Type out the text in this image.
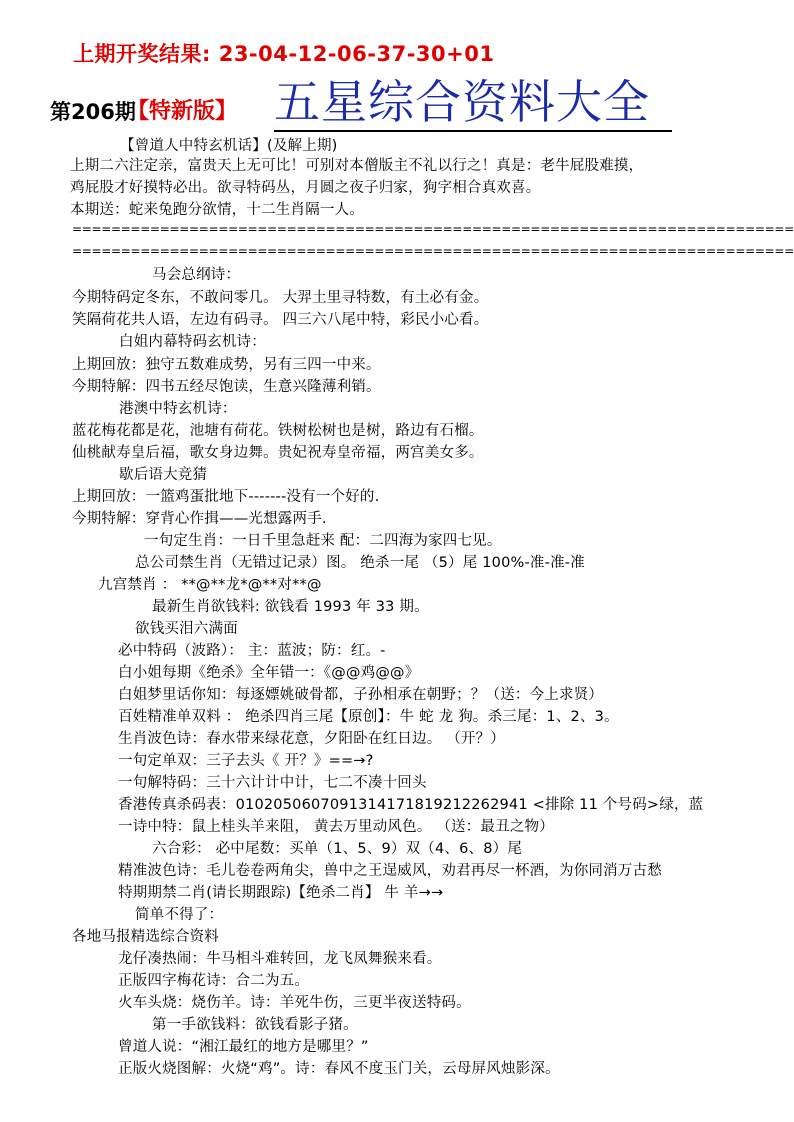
上期开奖结果: 23-04-12-06-37-30+01
第206期
【特新版】 五星综合资料大全
==========================================================================
==========================================================================
【曾道人中特玄机话】(及解上期)
上期二六注定亲，富贵天上无可比！可别对本僧版主不礼以行之！真是：老牛屁股难摸，
鸡屁股才好摸特必出。欲寻特码丛，月圆之夜子归家，狗字相合真欢喜。
本期送：蛇来兔跑分欲情，十二生肖隔一人。
马会总纲诗：
今期特码定冬东，不敢问零几。 大羿土里寻特数，有土必有金。
笑隔荷花共人语，左边有码寻。 四三六八尾中特，彩民小心看。
白姐内幕特码玄机诗：
上期回放：独守五数难成势，另有三四一中来。
今期特解：四书五经尽饱读，生意兴隆薄利销。
港澳中特玄机诗：
蓝花梅花都是花，池塘有荷花。铁树松树也是树，路边有石榴。
仙桃献寿皇后福，歌女身边舞。贵妃祝寿皇帝福，两宫美女多。
歇后语大竞猜
上期回放：一篮鸡蛋批地下-------没有一个好的.
今期特解：穿背心作揖——光想露两手.
一句定生肖：一日千里急赶来 配：二四海为家四七见。
总公司禁生肖（无错过记录）图。 绝杀一尾 （5）尾 100%-准-准-准
九宫禁肖 ： **@**龙*@**对**@
最新生肖欲钱料: 欲钱看 1993 年 33 期。
欲钱买泪六满面
必中特码（波路）： 主：蓝波；防：红。-
白小姐每期《绝杀》全年错一：《@@鸡@@》
白姐梦里话你知：每逐嫖姚破骨都，子孙相承在朝野；？（送：今上求贤）
百姓精准单双料 ： 绝杀四肖三尾【原创】：牛 蛇 龙 狗。杀三尾：1、2、3。
生肖波色诗：春水带来绿花意，夕阳卧在红日边。 （开？）
一句定单双：三子去头《 开？》==→?
一句解特码：三十六计计中计，七二不凑十回头
香港传真杀码表：0102050607091314171819212262941 <排除 11 个号码>绿，蓝
一诗中特：鼠上桂头羊来阻， 黄去万里动风色。 （送：最丑之物）
六合彩： 必中尾数：买单（1、5、9）双（4、6、8）尾
精准波色诗：毛儿卷卷两角尖，兽中之王逞威风，劝君再尽一杯酒，为你同消万古愁
特期期禁二肖(请长期跟踪)【绝杀二肖】 牛 羊→→
简单不得了：
各地马报精选综合资料
龙仔凑热闹：牛马相斗难转回，龙飞凤舞猴来看。
正版四字梅花诗：合二为五。
火车头烧：烧伤羊。诗：羊死牛伤，三更半夜送特码。
第一手欲钱料：欲钱看影子猪。
曾道人说：“湘江最红的地方是哪里？”
正版火烧图解：火烧“鸡”。诗：春风不度玉门关，云母屏风烛影深。
